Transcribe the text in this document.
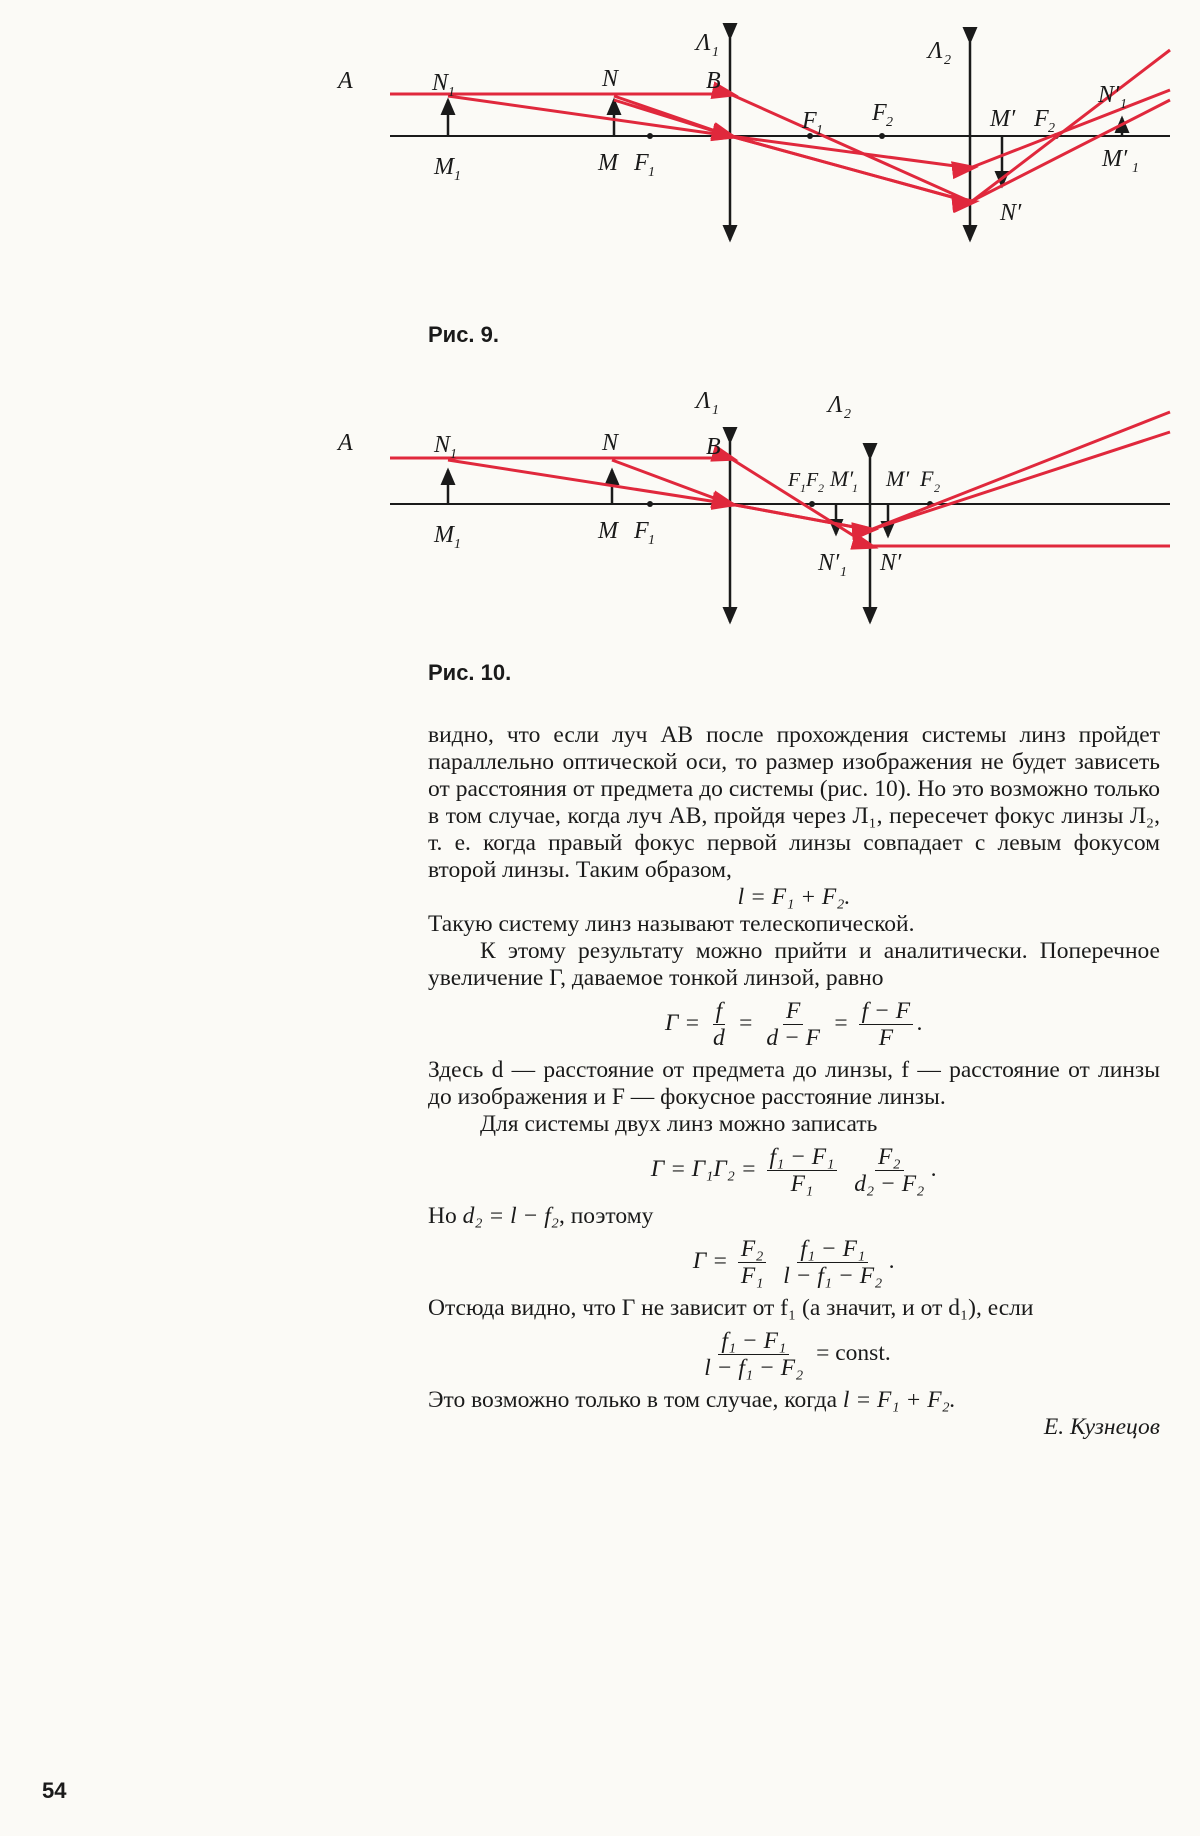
A	N 1
N	B
M 1
M F 1
Λ 1	Λ 2
F 1
F 2	M′ F 2
N′ 1
M′ 1
N′
Рис. 9.
A	N 1	N	B
M 1
M F 1
Λ 1	Λ 2
F 1 F 2 M′
1 M′ F 2
N′ 1 N′
Рис. 10.

видно, что если луч AB после прохождения системы линз пройдет параллельно оптической оси, то размер изображения не будет зависеть от расстояния от предмета до системы (рис. 10). Но это возможно только в том случае, когда луч AB, пройдя через Л₁, пересечет фокус линзы Л₂, т. е. когда правый фокус первой линзы совпадает с левым фокусом второй линзы. Таким образом,

l = F₁ + F₂.

Такую систему линз называют телескопической.

К этому результату можно прийти и аналитически. Поперечное увеличение Г, даваемое тонкой линзой, равно

$Г = \frac{f}{d} = \frac{F}{d - F} = \frac{f - F}{F}$ .

Здесь d — расстояние от предмета до линзы, f — расстояние от линзы до изображения и F — фокусное расстояние линзы.

Для системы двух линз можно записать

$Г = Г_1Г_2 = \frac{\text{f₁ − F₁}}{\text{F₁}}$
$\frac{\text{F₂}}{\text{d₂ − F₂}}$ .

Но d₂ = l − f₂, поэтому

$Г = \frac{\text{F₂}}{\text{F₁}}$
$\frac{\text{f₁ − F₁}}{\text{l − f₁ − F₂}}$ .

Отсюда видно, что Г не зависит от f₁ (а значит, и от d₁), если

$\frac{\text{f₁ − F₁}}{\text{l − f₁ − F₂}}$ = const.

Это возможно только в том случае, когда l = F₁ + F₂.

Е. Кузнецов

54
